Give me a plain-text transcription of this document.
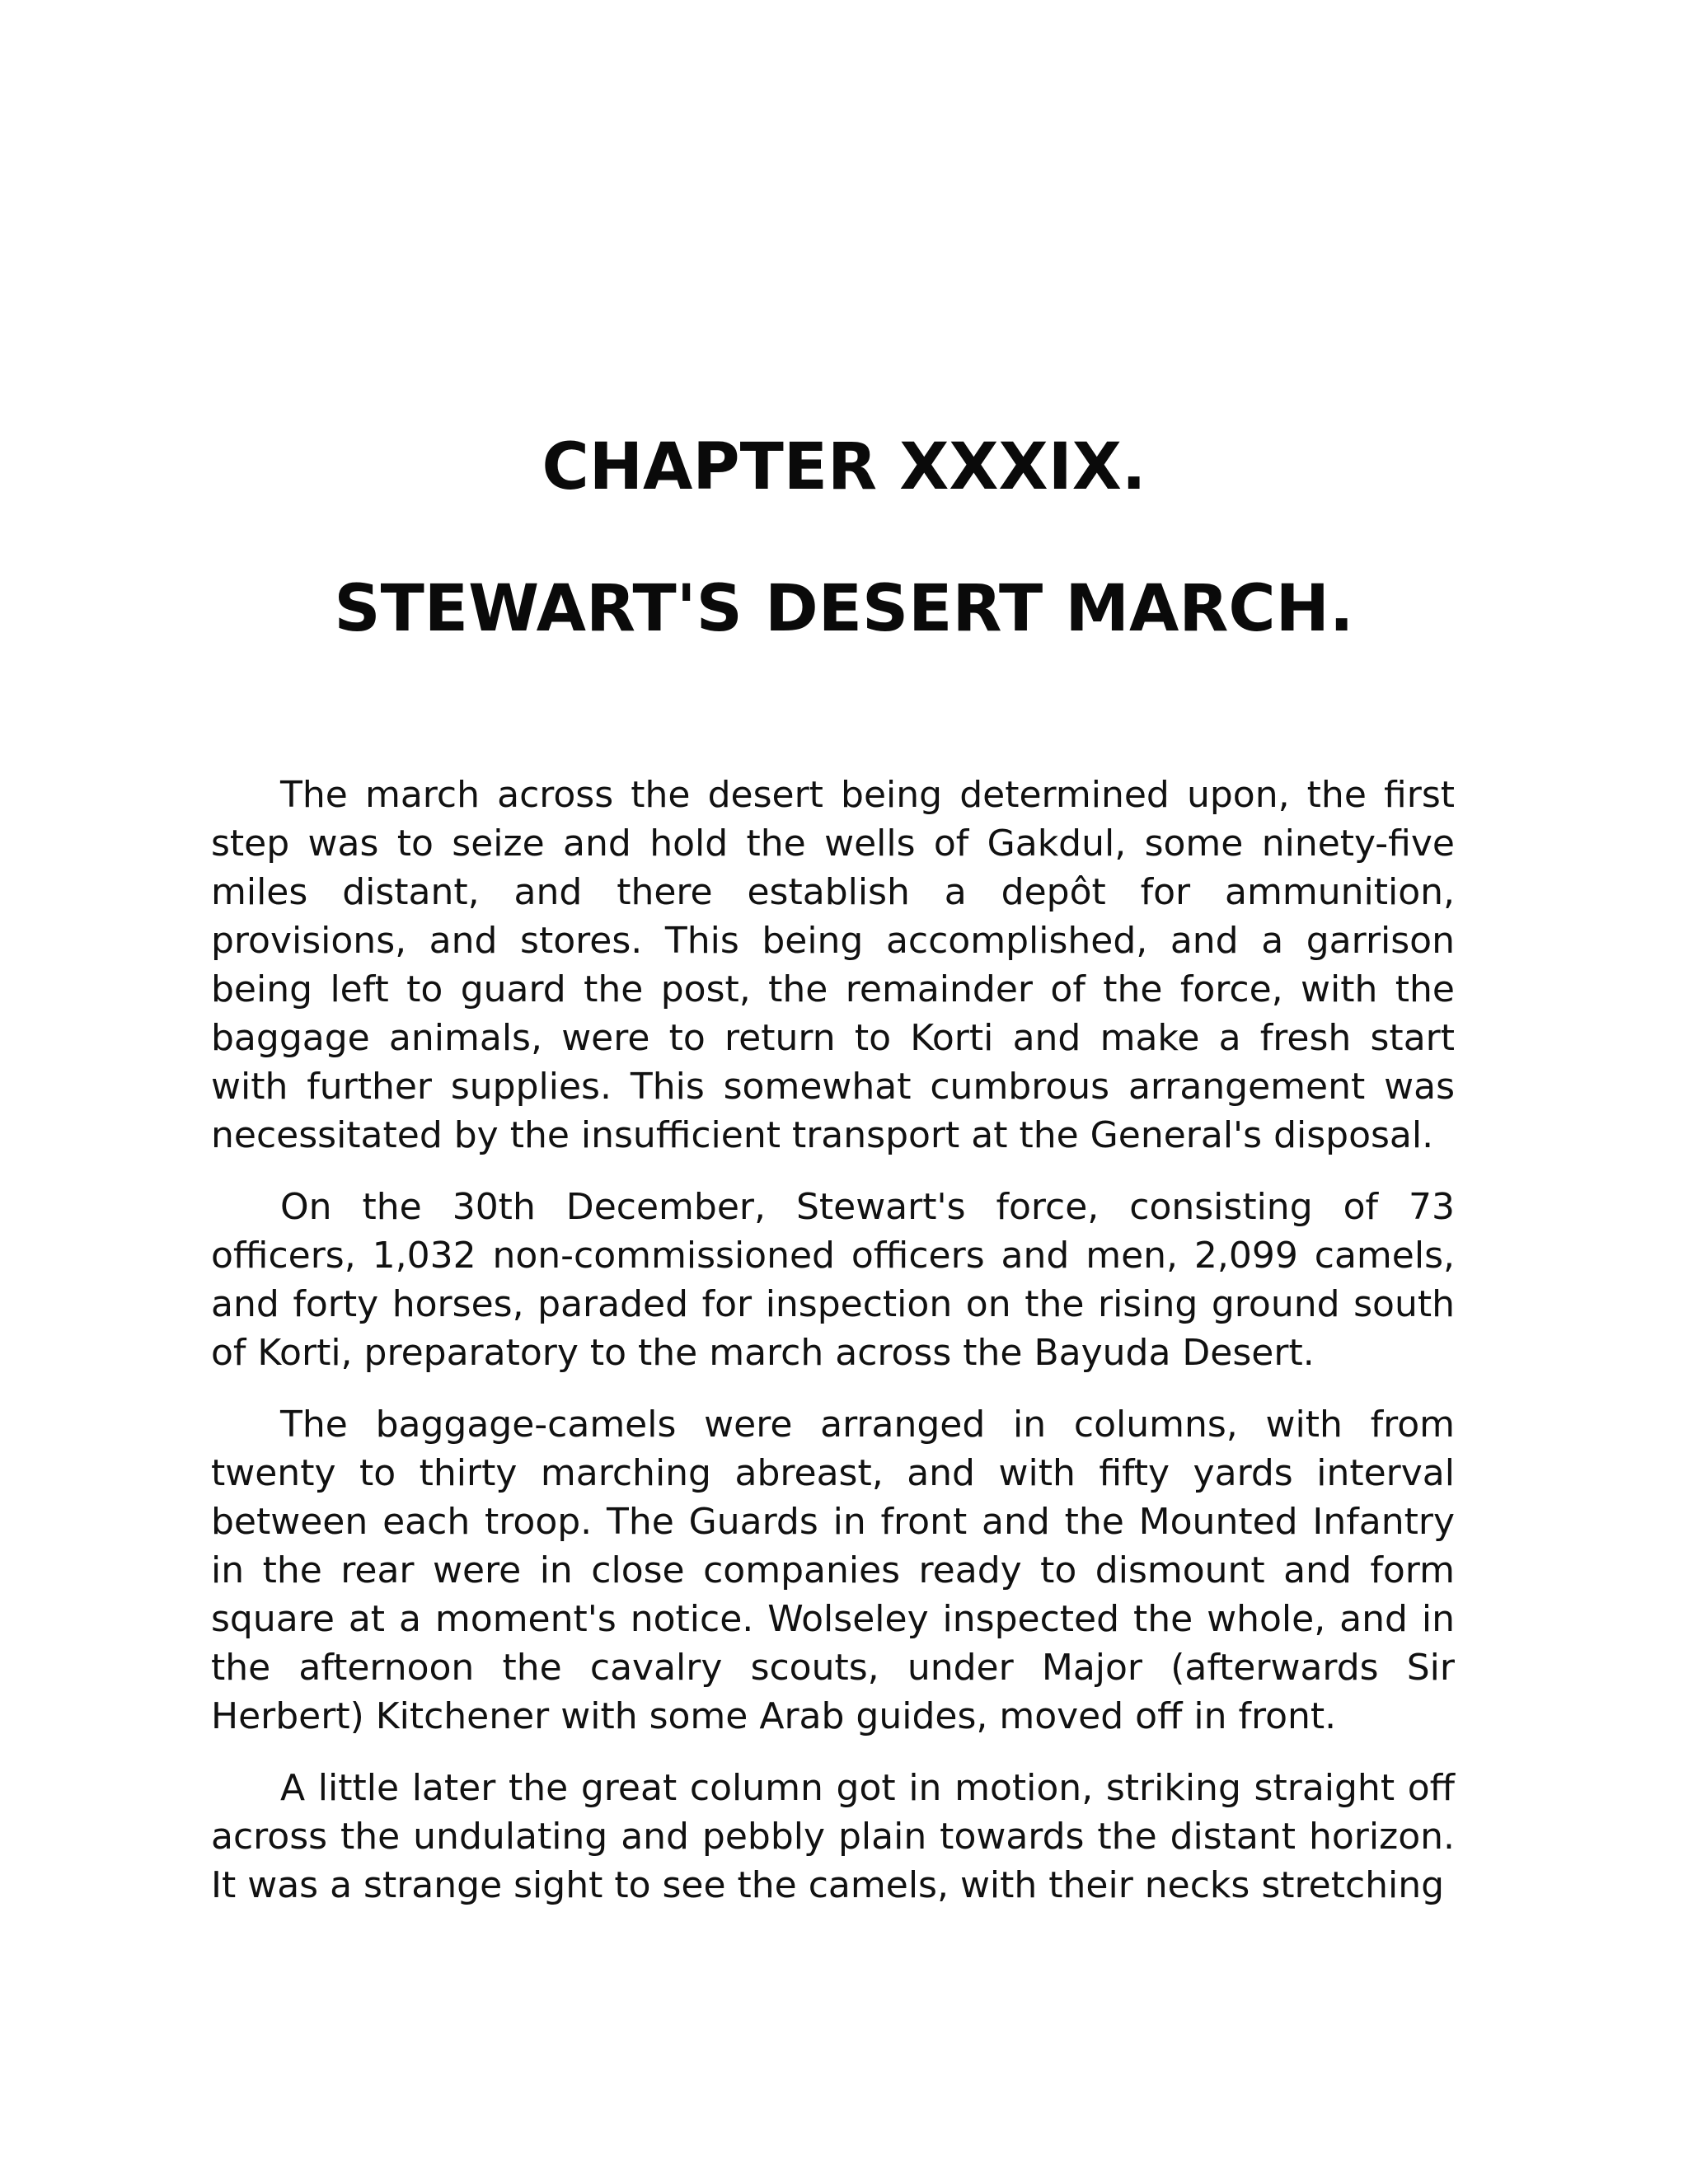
CHAPTER XXXIX.
STEWART'S DESERT MARCH.

The march across the desert being determined upon, the first step was to seize and hold the wells of Gakdul, some ninety-five miles distant, and there establish a depôt for ammunition, provisions, and stores. This being accomplished, and a garrison being left to guard the post, the remainder of the force, with the baggage animals, were to return to Korti and make a fresh start with further supplies. This somewhat cumbrous arrangement was necessitated by the insufficient transport at the General's disposal.

On the 30th December, Stewart's force, consisting of 73 officers, 1,032 non-commissioned officers and men, 2,099 camels, and forty horses, paraded for inspection on the rising ground south of Korti, preparatory to the march across the Bayuda Desert.

The baggage-camels were arranged in columns, with from twenty to thirty marching abreast, and with fifty yards interval between each troop. The Guards in front and the Mounted Infantry in the rear were in close companies ready to dismount and form square at a moment's notice. Wolseley inspected the whole, and in the afternoon the cavalry scouts, under Major (afterwards Sir Herbert) Kitchener with some Arab guides, moved off in front.

A little later the great column got in motion, striking straight off across the undulating and pebbly plain towards the distant horizon. It was a strange sight to see the camels, with their necks stretching
